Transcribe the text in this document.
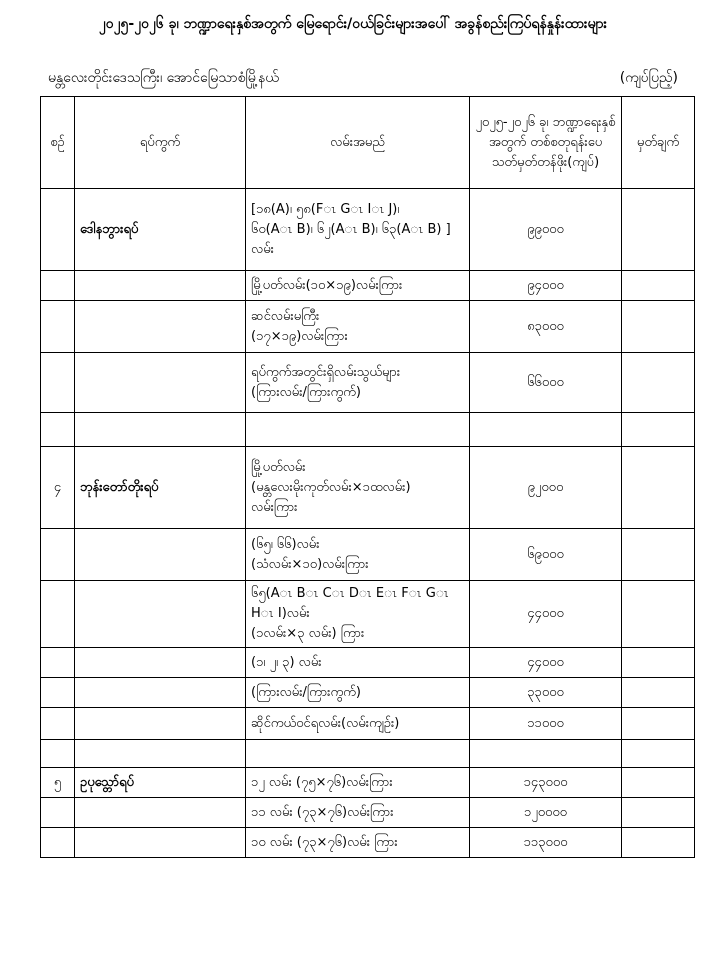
၂၀၂၅-၂၀၂၆ ခု၊ ဘဏ္ဍာရေးနှစ်အတွက် မြေရောင်း/ဝယ်ခြင်းများအပေါ် အခွန်စည်းကြပ်ရန်နှုန်းထားများ
မန္တလေးတိုင်းဒေသကြီး၊ အောင်မြေသာစံမြို့နယ်	(ကျပ်ပြည့်)
စဉ်	ရပ်ကွက်	လမ်းအမည်	၂၀၂၅-၂၀၂၆ ခု၊ ဘဏ္ဍာရေးနှစ်အတွက် တစ်စတုရန်းပေ သတ်မှတ်တန်ဖိုး(ကျပ်)	မှတ်ချက်
	ဒေါနဘွားရပ်	[၁၈(A)၊ ၅၈(Fၤ Gၤ Iၤ J)၊
၆၀(Aၤ B)၊ ၆၂(Aၤ B)၊ ၆၃(Aၤ B) ]
လမ်း	၉၉၀၀၀	
		မြို့ပတ်လမ်း(၁၀×၁၉)လမ်းကြား	၉၄၀၀၀	
		ဆင်လမ်းမကြီး
(၁၇×၁၉)လမ်းကြား	၈၃၀၀၀	
		ရပ်ကွက်အတွင်းရှိလမ်းသွယ်များ
(ကြားလမ်း/ကြားကွက်)	၆၆၀၀၀	

၄	ဘုန်းတော်တိုးရပ်	မြို့ပတ်လမ်း
(မန္တလေးမိုးကုတ်လမ်း×၁ထလမ်း)
လမ်းကြား	၉၂၀၀၀	
		(၆၅၊ ၆၆)လမ်း
(သံလမ်း×၁၀)လမ်းကြား	၆၉၀၀၀	
		၆၅(Aၤ Bၤ Cၤ Dၤ Eၤ Fၤ Gၤ Hၤ I)လမ်း
(၁လမ်း×၃ လမ်း) ကြား	၄၄၀၀၀	
		(၁၊ ၂၊ ၃) လမ်း	၄၄၀၀၀	
		(ကြားလမ်း/ကြားကွက်)	၃၃၀၀၀	
		ဆိုင်ကယ်ဝင်ရလမ်း(လမ်းကျဉ်း)	၁၁၀၀၀	

၅	ဥပုသ္တော်ရပ်	၁၂ လမ်း (၇၅×၇၆)လမ်းကြား	၁၄၃၀၀၀	
		၁၁ လမ်း (၇၃×၇၆)လမ်းကြား	၁၂၀၀၀၀	
		၁၀ လမ်း (၇၃×၇၆)လမ်း ကြား	၁၁၃၀၀၀	
